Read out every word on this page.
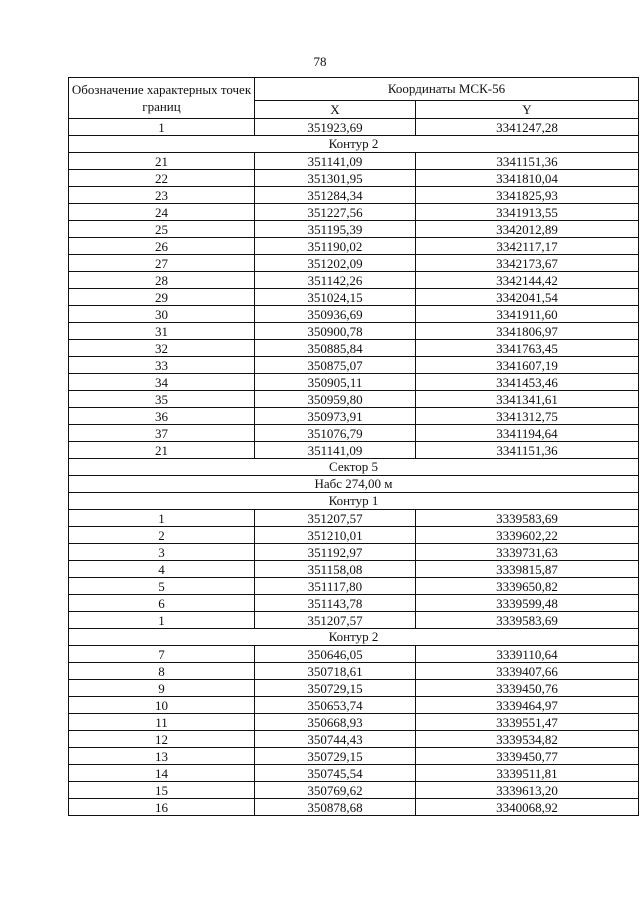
78
Обозначение характерных точек границ	Координаты МСК-56	
	X	Y
1	351923,69	3341247,28
Контур 2		
21	351141,09	3341151,36
22	351301,95	3341810,04
23	351284,34	3341825,93
24	351227,56	3341913,55
25	351195,39	3342012,89
26	351190,02	3342117,17
27	351202,09	3342173,67
28	351142,26	3342144,42
29	351024,15	3342041,54
30	350936,69	3341911,60
31	350900,78	3341806,97
32	350885,84	3341763,45
33	350875,07	3341607,19
34	350905,11	3341453,46
35	350959,80	3341341,61
36	350973,91	3341312,75
37	351076,79	3341194,64
21	351141,09	3341151,36
Сектор 5		
Набс 274,00 м		
Контур 1		
1	351207,57	3339583,69
2	351210,01	3339602,22
3	351192,97	3339731,63
4	351158,08	3339815,87
5	351117,80	3339650,82
6	351143,78	3339599,48
1	351207,57	3339583,69
Контур 2		
7	350646,05	3339110,64
8	350718,61	3339407,66
9	350729,15	3339450,76
10	350653,74	3339464,97
11	350668,93	3339551,47
12	350744,43	3339534,82
13	350729,15	3339450,77
14	350745,54	3339511,81
15	350769,62	3339613,20
16	350878,68	3340068,92
